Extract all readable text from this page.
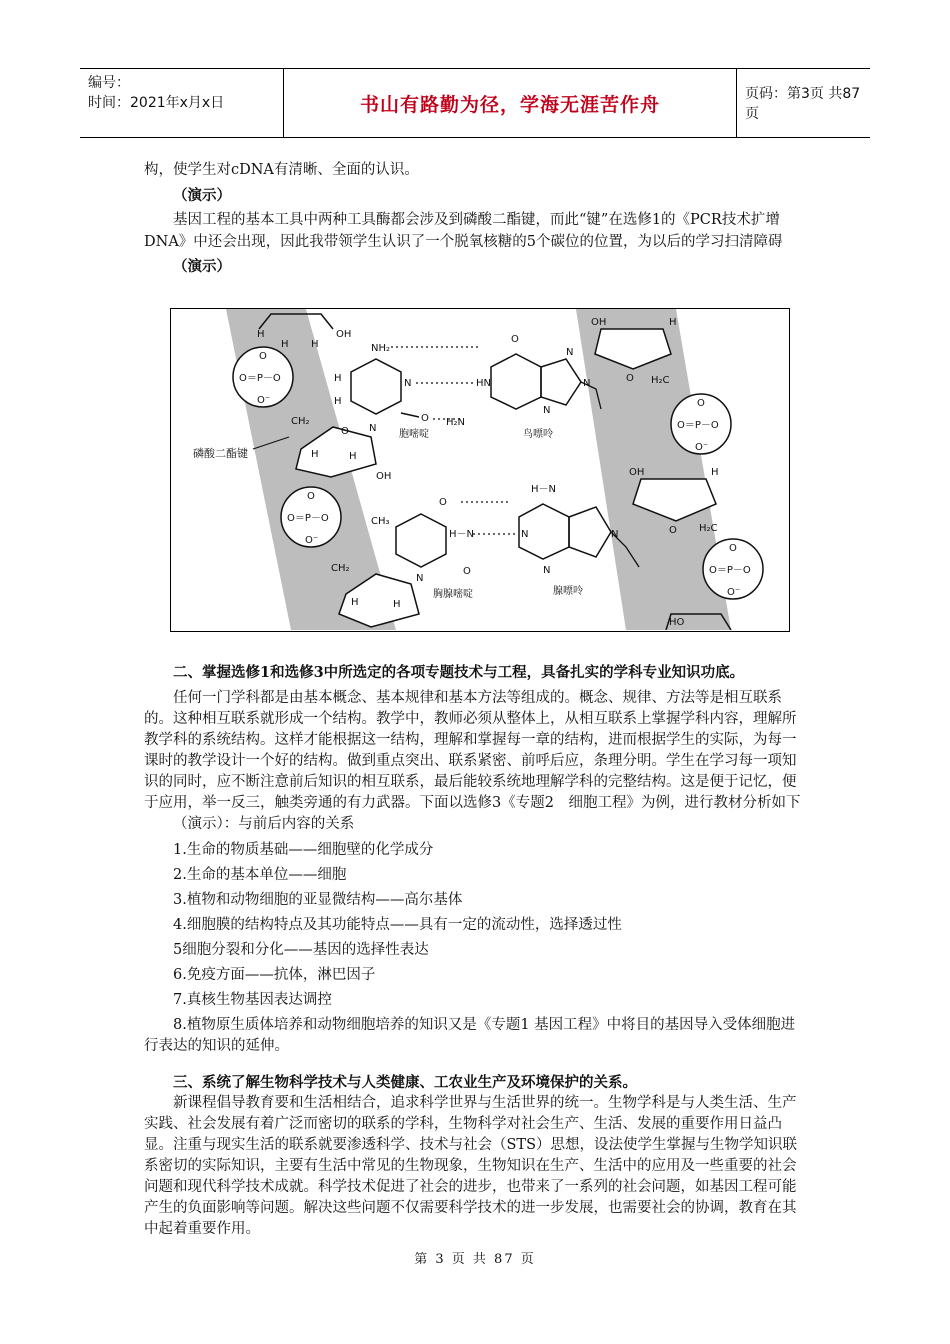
编号：
时间：2021年x月x日	书山有路勤为径，学海无涯苦作舟	页码：第3页 共87页

构，使学生对cDNA有清晰、全面的认识。

（演示）

基因工程的基本工具中两种工具酶都会涉及到磷酸二酯键，而此“键”在选修1的《PCR技术扩增DNA》中还会出现，因此我带领学生认识了一个脱氧核糖的5个碳位的位置，为以后的学习扫清障碍

（演示）

H
H H
OH
O
O＝P－O
O⁻
NH₂
H
H
N
N
O
胞嘧啶
O
HN
H₂N
N
N
N
鸟嘌呤
OH	H
O H₂C
O
O＝P－O
O⁻
磷酸二酯键
CH₂
H	H
O
OH
O
O＝P－O
O⁻
O
CH₃
H－N
N
O
胸腺嘧啶
H－N
N
N
N
腺嘌呤
OH	H
O H₂C
O
O＝P－O
O⁻
CH₂
H	H
HO

二、掌握选修1和选修3中所选定的各项专题技术与工程，具备扎实的学科专业知识功底。

任何一门学科都是由基本概念、基本规律和基本方法等组成的。概念、规律、方法等是相互联系的。这种相互联系就形成一个结构。教学中，教师必须从整体上，从相互联系上掌握学科内容，理解所教学科的系统结构。这样才能根据这一结构，理解和掌握每一章的结构，进而根据学生的实际，为每一课时的教学设计一个好的结构。做到重点突出、联系紧密、前呼后应，条理分明。学生在学习每一项知识的同时，应不断注意前后知识的相互联系，最后能较系统地理解学科的完整结构。这是便于记忆，便于应用，举一反三，触类旁通的有力武器。下面以选修3《专题2　细胞工程》为例，进行教材分析如下

（演示）：与前后内容的关系

1.生命的物质基础——细胞壁的化学成分
2.生命的基本单位——细胞
3.植物和动物细胞的亚显微结构——高尔基体
4.细胞膜的结构特点及其功能特点——具有一定的流动性，选择透过性
5细胞分裂和分化——基因的选择性表达
6.免疫方面——抗体，淋巴因子
7.真核生物基因表达调控

8.植物原生质体培养和动物细胞培养的知识又是《专题1 基因工程》中将目的基因导入受体细胞进行表达的知识的延伸。

三、系统了解生物科学技术与人类健康、工农业生产及环境保护的关系。

新课程倡导教育要和生活相结合，追求科学世界与生活世界的统一。生物学科是与人类生活、生产实践、社会发展有着广泛而密切的联系的学科，生物科学对社会生产、生活、发展的重要作用日益凸显。注重与现实生活的联系就要渗透科学、技术与社会（STS）思想，设法使学生掌握与生物学知识联系密切的实际知识，主要有生活中常见的生物现象，生物知识在生产、生活中的应用及一些重要的社会问题和现代科学技术成就。科学技术促进了社会的进步，也带来了一系列的社会问题，如基因工程可能产生的负面影响等问题。解决这些问题不仅需要科学技术的进一步发展，也需要社会的协调，教育在其中起着重要作用。

第 3 页 共 87 页
